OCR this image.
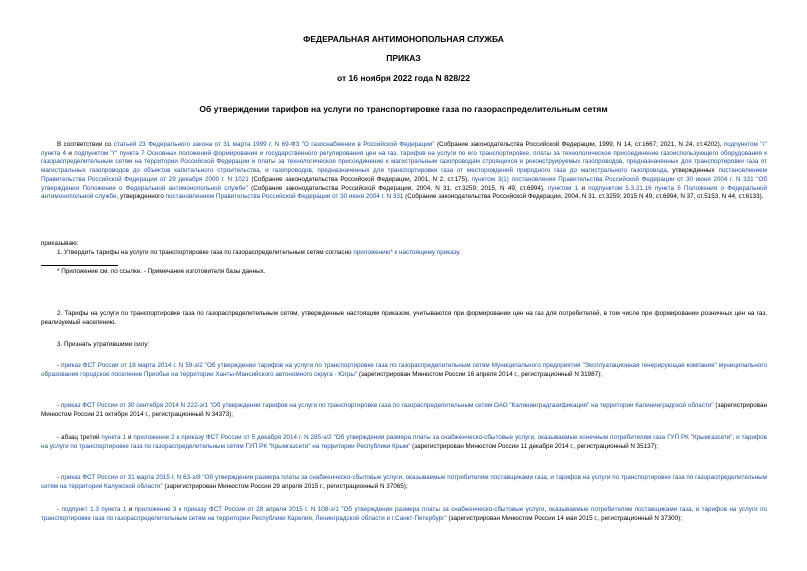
ФЕДЕРАЛЬНАЯ АНТИМОНОПОЛЬНАЯ СЛУЖБА
ПРИКАЗ
от 16 ноября 2022 года N 828/22
Об утверждении тарифов на услуги по транспортировке газа по газораспределительным сетям
В соответствии со статьей 23 Федерального закона от 31 марта 1999 г. N 69-ФЗ "О газоснабжении в Российской Федерации" (Собрание законодательства Российской Федерации, 1999, N 14, ст.1667; 2021, N 24, ст.4202), подпунктом "г" пункта 4 и подпунктом "г" пункта 7 Основных положений формирования и государственного регулирования цен на газ, тарифов на услуги по его транспортировке, платы за технологическое присоединение газоиспользующего оборудования к газораспределительным сетям на территории Российской Федерации и платы за технологическое присоединение к магистральным газопроводам строящихся и реконструируемых газопроводов, предназначенных для транспортировки газа от магистральных газопроводов до объектов капитального строительства, и газопроводов, предназначенных для транспортировки газа от месторождений природного газа до магистрального газопровода, утвержденных постановлением Правительства Российской Федерации от 29 декабря 2000 г. N 1021 (Собрание законодательства Российской Федерации, 2001, N 2, ст.175), пунктом 3(1) постановления Правительства Российской Федерации от 30 июня 2004 г. N 331 "Об утверждении Положения о Федеральной антимонопольной службе" (Собрание законодательства Российской Федерации, 2004, N 31, ст.3259; 2015, N 49, ст.6994), пунктом 1 и подпунктом 5.3.21.16 пункта 5 Положения о Федеральной антимонопольной службе, утвержденного постановлением Правительства Российской Федерации от 30 июня 2004 г. N 331 (Собрание законодательства Российской Федерации, 2004, N 31, ст.3259; 2015 N 49, ст.6994, N 37, ст.5153, N 44, ст.6133),
приказываю:
1. Утвердить тарифы на услуги по транспортировке газа по газораспределительным сетям согласно приложению* к настоящему приказу.
* Приложение см. по ссылке. - Примечание изготовителя базы данных.
2. Тарифы на услуги по транспортировке газа по газораспределительным сетям, утвержденные настоящим приказом, учитываются при формировании цен на газ для потребителей, в том числе при формировании розничных цен на газ, реализуемый населению.
3. Признать утратившими силу:
- приказ ФСТ России от 18 марта 2014 г. N 59-э/2 "Об утверждении тарифов на услуги по транспортировке газа по газораспределительным сетям Муниципального предприятия "Эксплуатационная генерирующая компания" муниципального образования городское поселение Приобье на территории Ханты-Мансийского автономного округа - Югры" (зарегистрирован Минюстом России 16 апреля 2014 г., регистрационный N 31987);
- приказ ФСТ России от 30 сентября 2014 N 222-э/1 "Об утверждении тарифов на услуги по транспортировке газа по газораспределительным сетям ОАО "Калининградгазификация" на территории Калининградской области" (зарегистрирован Минюстом России 21 октября 2014 г., регистрационный N 34373);
- абзац третий пункта 1 и приложение 2 к приказу ФСТ России от 5 декабря 2014 г. N 285-э/2 "Об утверждении размера платы за снабженческо-сбытовые услуги, оказываемые конечным потребителям газа ГУП РК "Крымгазсети", и тарифов на услуги по транспортировке газа по газораспределительным сетям ГУП РК "Крымгазсети" на территории Республики Крым" (зарегистрирован Минюстом России 11 декабря 2014 г., регистрационный N 35137);
- приказ ФСТ России от 31 марта 2015 г. N 63-э/8 "Об утверждении размера платы за снабженческо-сбытовые услуги, оказываемые потребителям поставщиками газа, и тарифов на услуги по транспортировке газа по газораспределительным сетям на территории Калужской области" (зарегистрирован Минюстом России 29 апреля 2015 г., регистрационный N 37065);
- подпункт 1.3 пункта 1 и приложение 3 к приказу ФСТ России от 28 апреля 2015 г. N 108-э/1 "Об утверждении размера платы за снабженческо-сбытовые услуги, оказываемые потребителям поставщиками газа, и тарифов на услуги по транспортировке газа по газораспределительным сетям на территории Республики Карелия, Ленинградской области и г.Санкт-Петербург" (зарегистрирован Минюстом России 14 мая 2015 г., регистрационный N 37300);
